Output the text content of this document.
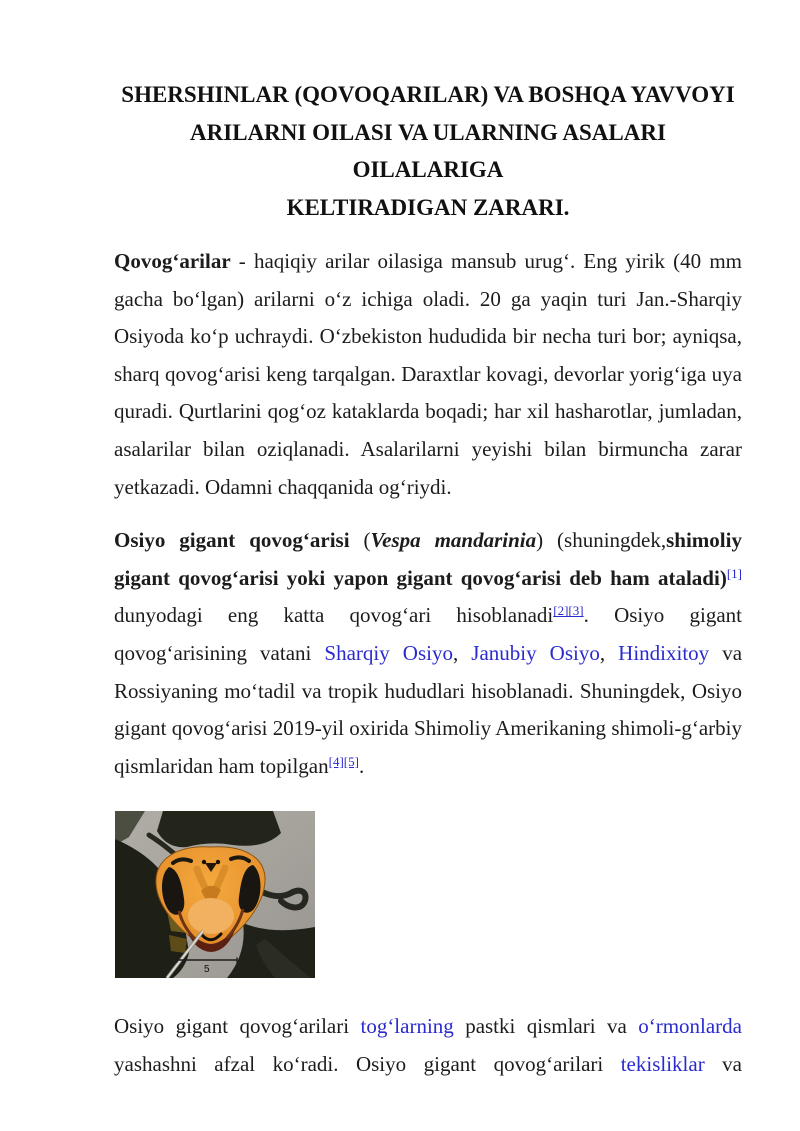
SHERSHINLAR (QOVOQARILAR) VA BOSHQA YAVVOYI
ARILARNI OILASI VA ULARNING ASALARI OILALARIGA
KELTIRADIGAN ZARARI.

Qovog‘arilar - haqiqiy arilar oilasiga mansub urug‘. Eng yirik (40 mm gacha bo‘lgan) arilarni o‘z ichiga oladi. 20 ga yaqin turi Jan.-Sharqiy Osiyoda ko‘p uchraydi. O‘zbekiston hududida bir necha turi bor; ayniqsa, sharq qovog‘arisi keng tarqalgan. Daraxtlar kovagi, devorlar yorig‘iga uya quradi. Qurtlarini qog‘oz kataklarda boqadi; har xil hasharotlar, jumladan, asalarilar bilan oziqlanadi. Asalarilarni yeyishi bilan birmuncha zarar yetkazadi. Odamni chaqqanida og‘riydi.

Osiyo gigant qovog‘arisi (Vespa mandarinia) (shuningdek,shimoliy gigant qovog‘arisi yoki yapon gigant qovog‘arisi deb ham ataladi)[1] dunyodagi eng katta qovog‘ari hisoblanadi[2][3]. Osiyo gigant qovog‘arisining vatani Sharqiy Osiyo, Janubiy Osiyo, Hindixitoy va Rossiyaning mo‘tadil va tropik hududlari hisoblanadi. Shuningdek, Osiyo gigant qovog‘arisi 2019-yil oxirida Shimoliy Amerikaning shimoli-g‘arbiy qismlaridan ham topilgan[4][5].

5

Osiyo gigant qovog‘arilari tog‘larning pastki qismlari va o‘rmonlarda yashashni afzal ko‘radi. Osiyo gigant qovog‘arilari tekisliklar va
